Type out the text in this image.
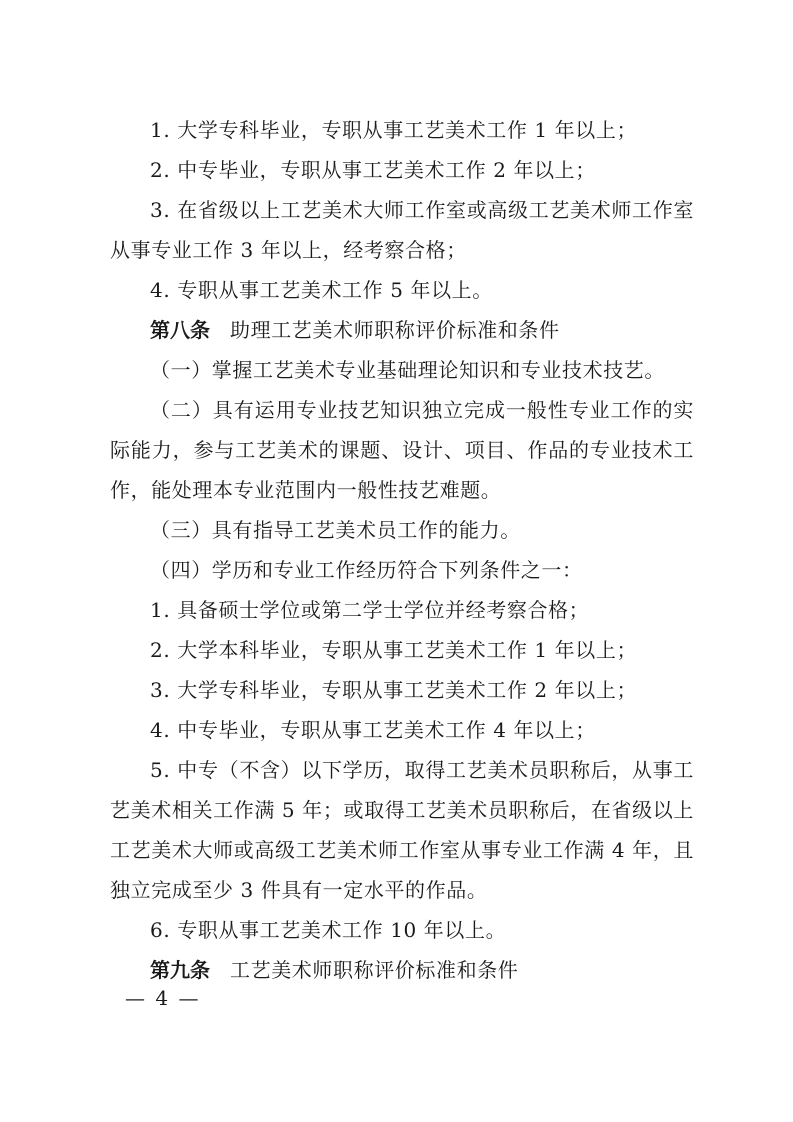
1. 大学专科毕业，专职从事工艺美术工作 1 年以上；

2. 中专毕业，专职从事工艺美术工作 2 年以上；

3. 在省级以上工艺美术大师工作室或高级工艺美术师工作室从事专业工作 3 年以上，经考察合格；

4. 专职从事工艺美术工作 5 年以上。

第八条 助理工艺美术师职称评价标准和条件

（一）掌握工艺美术专业基础理论知识和专业技术技艺。

（二）具有运用专业技艺知识独立完成一般性专业工作的实际能力，参与工艺美术的课题、设计、项目、作品的专业技术工作，能处理本专业范围内一般性技艺难题。

（三）具有指导工艺美术员工作的能力。

（四）学历和专业工作经历符合下列条件之一：

1. 具备硕士学位或第二学士学位并经考察合格；

2. 大学本科毕业，专职从事工艺美术工作 1 年以上；

3. 大学专科毕业，专职从事工艺美术工作 2 年以上；

4. 中专毕业，专职从事工艺美术工作 4 年以上；

5. 中专（不含）以下学历，取得工艺美术员职称后，从事工艺美术相关工作满 5 年；或取得工艺美术员职称后，在省级以上工艺美术大师或高级工艺美术师工作室从事专业工作满 4 年，且独立完成至少 3 件具有一定水平的作品。

6. 专职从事工艺美术工作 10 年以上。

第九条 工艺美术师职称评价标准和条件

— 4 —
